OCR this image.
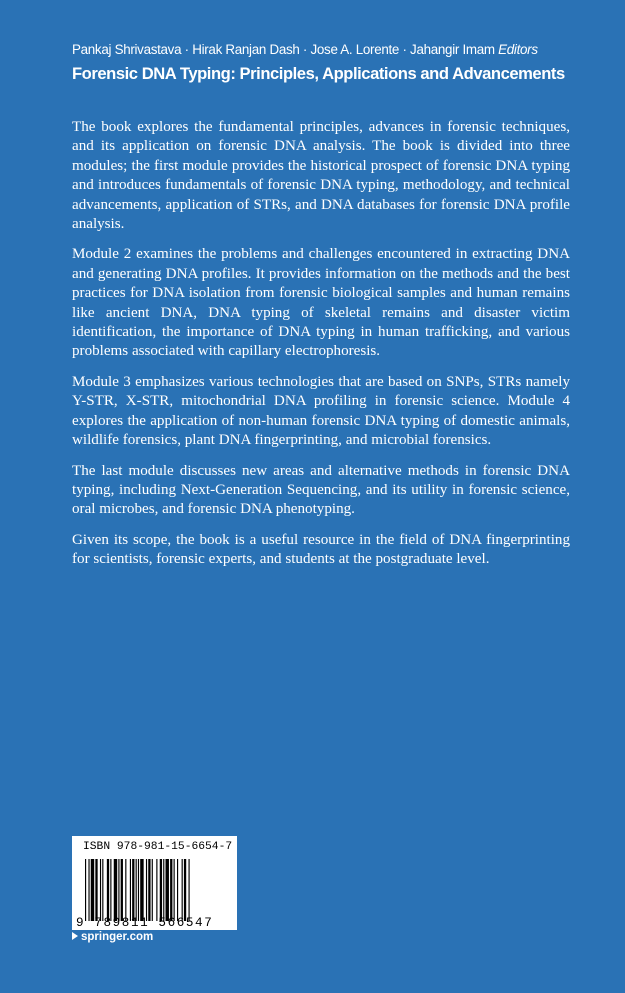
Pankaj Shrivastava · Hirak Ranjan Dash · Jose A. Lorente · Jahangir Imam Editors
Forensic DNA Typing: Principles, Applications and Advancements

The book explores the fundamental principles, advances in forensic techniques, and its application on forensic DNA analysis. The book is divided into three modules; the first module provides the historical prospect of forensic DNA typing and introduces fundamentals of forensic DNA typing, methodology, and technical advancements, application of STRs, and DNA databases for forensic DNA profile analysis.

Module 2 examines the problems and challenges encountered in extracting DNA and generating DNA profiles. It provides information on the methods and the best practices for DNA isolation from forensic biological samples and human remains like ancient DNA, DNA typing of skeletal remains and disaster victim identification, the importance of DNA typing in human trafficking, and various problems associated with capillary electrophoresis.

Module 3 emphasizes various technologies that are based on SNPs, STRs namely Y-STR, X-STR, mitochondrial DNA profiling in forensic science. Module 4 explores the application of non-human forensic DNA typing of domestic animals, wildlife forensics, plant DNA fingerprinting, and microbial forensics.

The last module discusses new areas and alternative methods in forensic DNA typing, including Next-Generation Sequencing, and its utility in forensic science, oral microbes, and forensic DNA phenotyping.

Given its scope, the book is a useful resource in the field of DNA fingerprinting for scientists, forensic experts, and students at the postgraduate level.

ISBN 978-981-15-6654-7
9 789811 566547
springer.com
